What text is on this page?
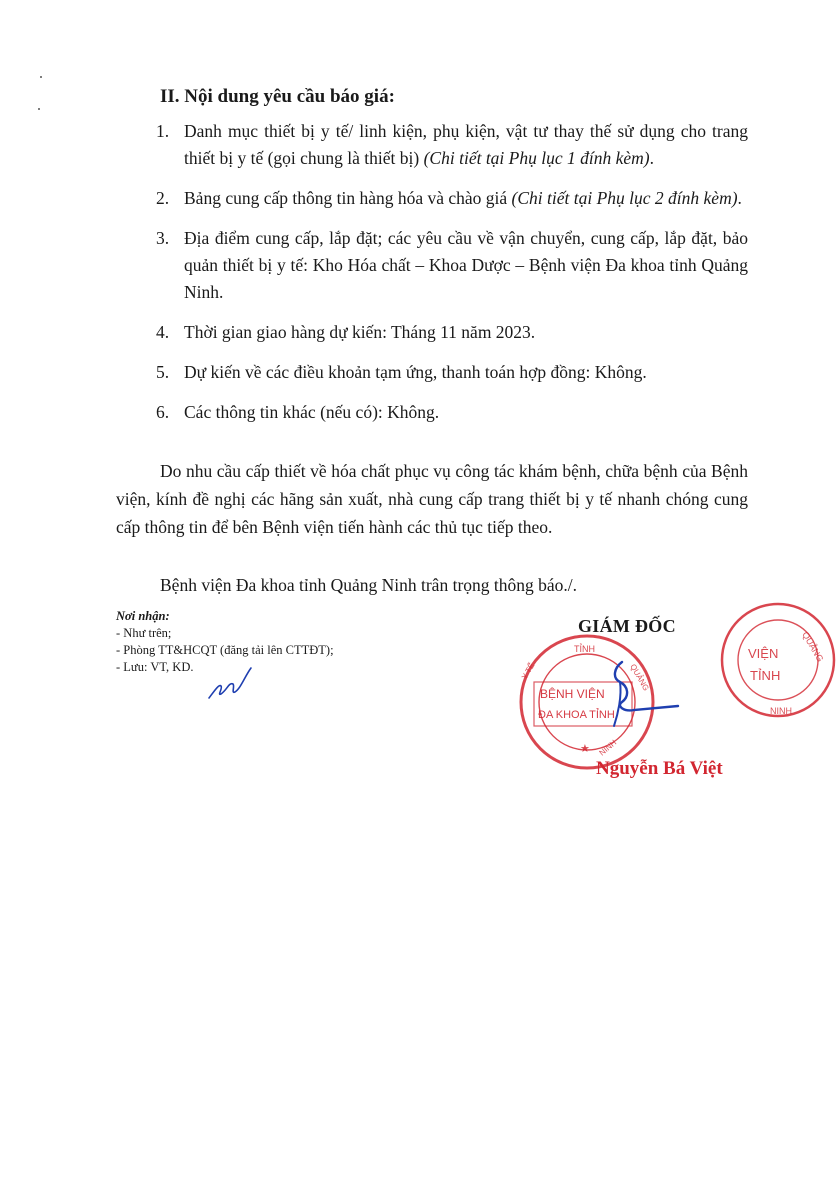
II. Nội dung yêu cầu báo giá:
1. Danh mục thiết bị y tế/ linh kiện, phụ kiện, vật tư thay thế sử dụng cho trang thiết bị y tế (gọi chung là thiết bị) (Chi tiết tại Phụ lục 1 đính kèm).
2. Bảng cung cấp thông tin hàng hóa và chào giá (Chi tiết tại Phụ lục 2 đính kèm).
3. Địa điểm cung cấp, lắp đặt; các yêu cầu về vận chuyển, cung cấp, lắp đặt, bảo quản thiết bị y tế: Kho Hóa chất – Khoa Dược – Bệnh viện Đa khoa tỉnh Quảng Ninh.
4. Thời gian giao hàng dự kiến: Tháng 11 năm 2023.
5. Dự kiến về các điều khoản tạm ứng, thanh toán hợp đồng: Không.
6. Các thông tin khác (nếu có): Không.
Do nhu cầu cấp thiết về hóa chất phục vụ công tác khám bệnh, chữa bệnh của Bệnh viện, kính đề nghị các hãng sản xuất, nhà cung cấp trang thiết bị y tế nhanh chóng cung cấp thông tin để bên Bệnh viện tiến hành các thủ tục tiếp theo.
Bệnh viện Đa khoa tỉnh Quảng Ninh trân trọng thông báo./.
Nơi nhận:
- Như trên;
- Phòng TT&HCQT (đăng tải lên CTTĐT);
- Lưu: VT, KD.
VIỆN
TỈNH
QUẢNG
NINH
GIÁM ĐỐC
TỈNH
BỆNH VIỆN
ĐA KHOA TỈNH
QUẢNG
NINH
Y TẾ
★
Nguyễn Bá Việt
